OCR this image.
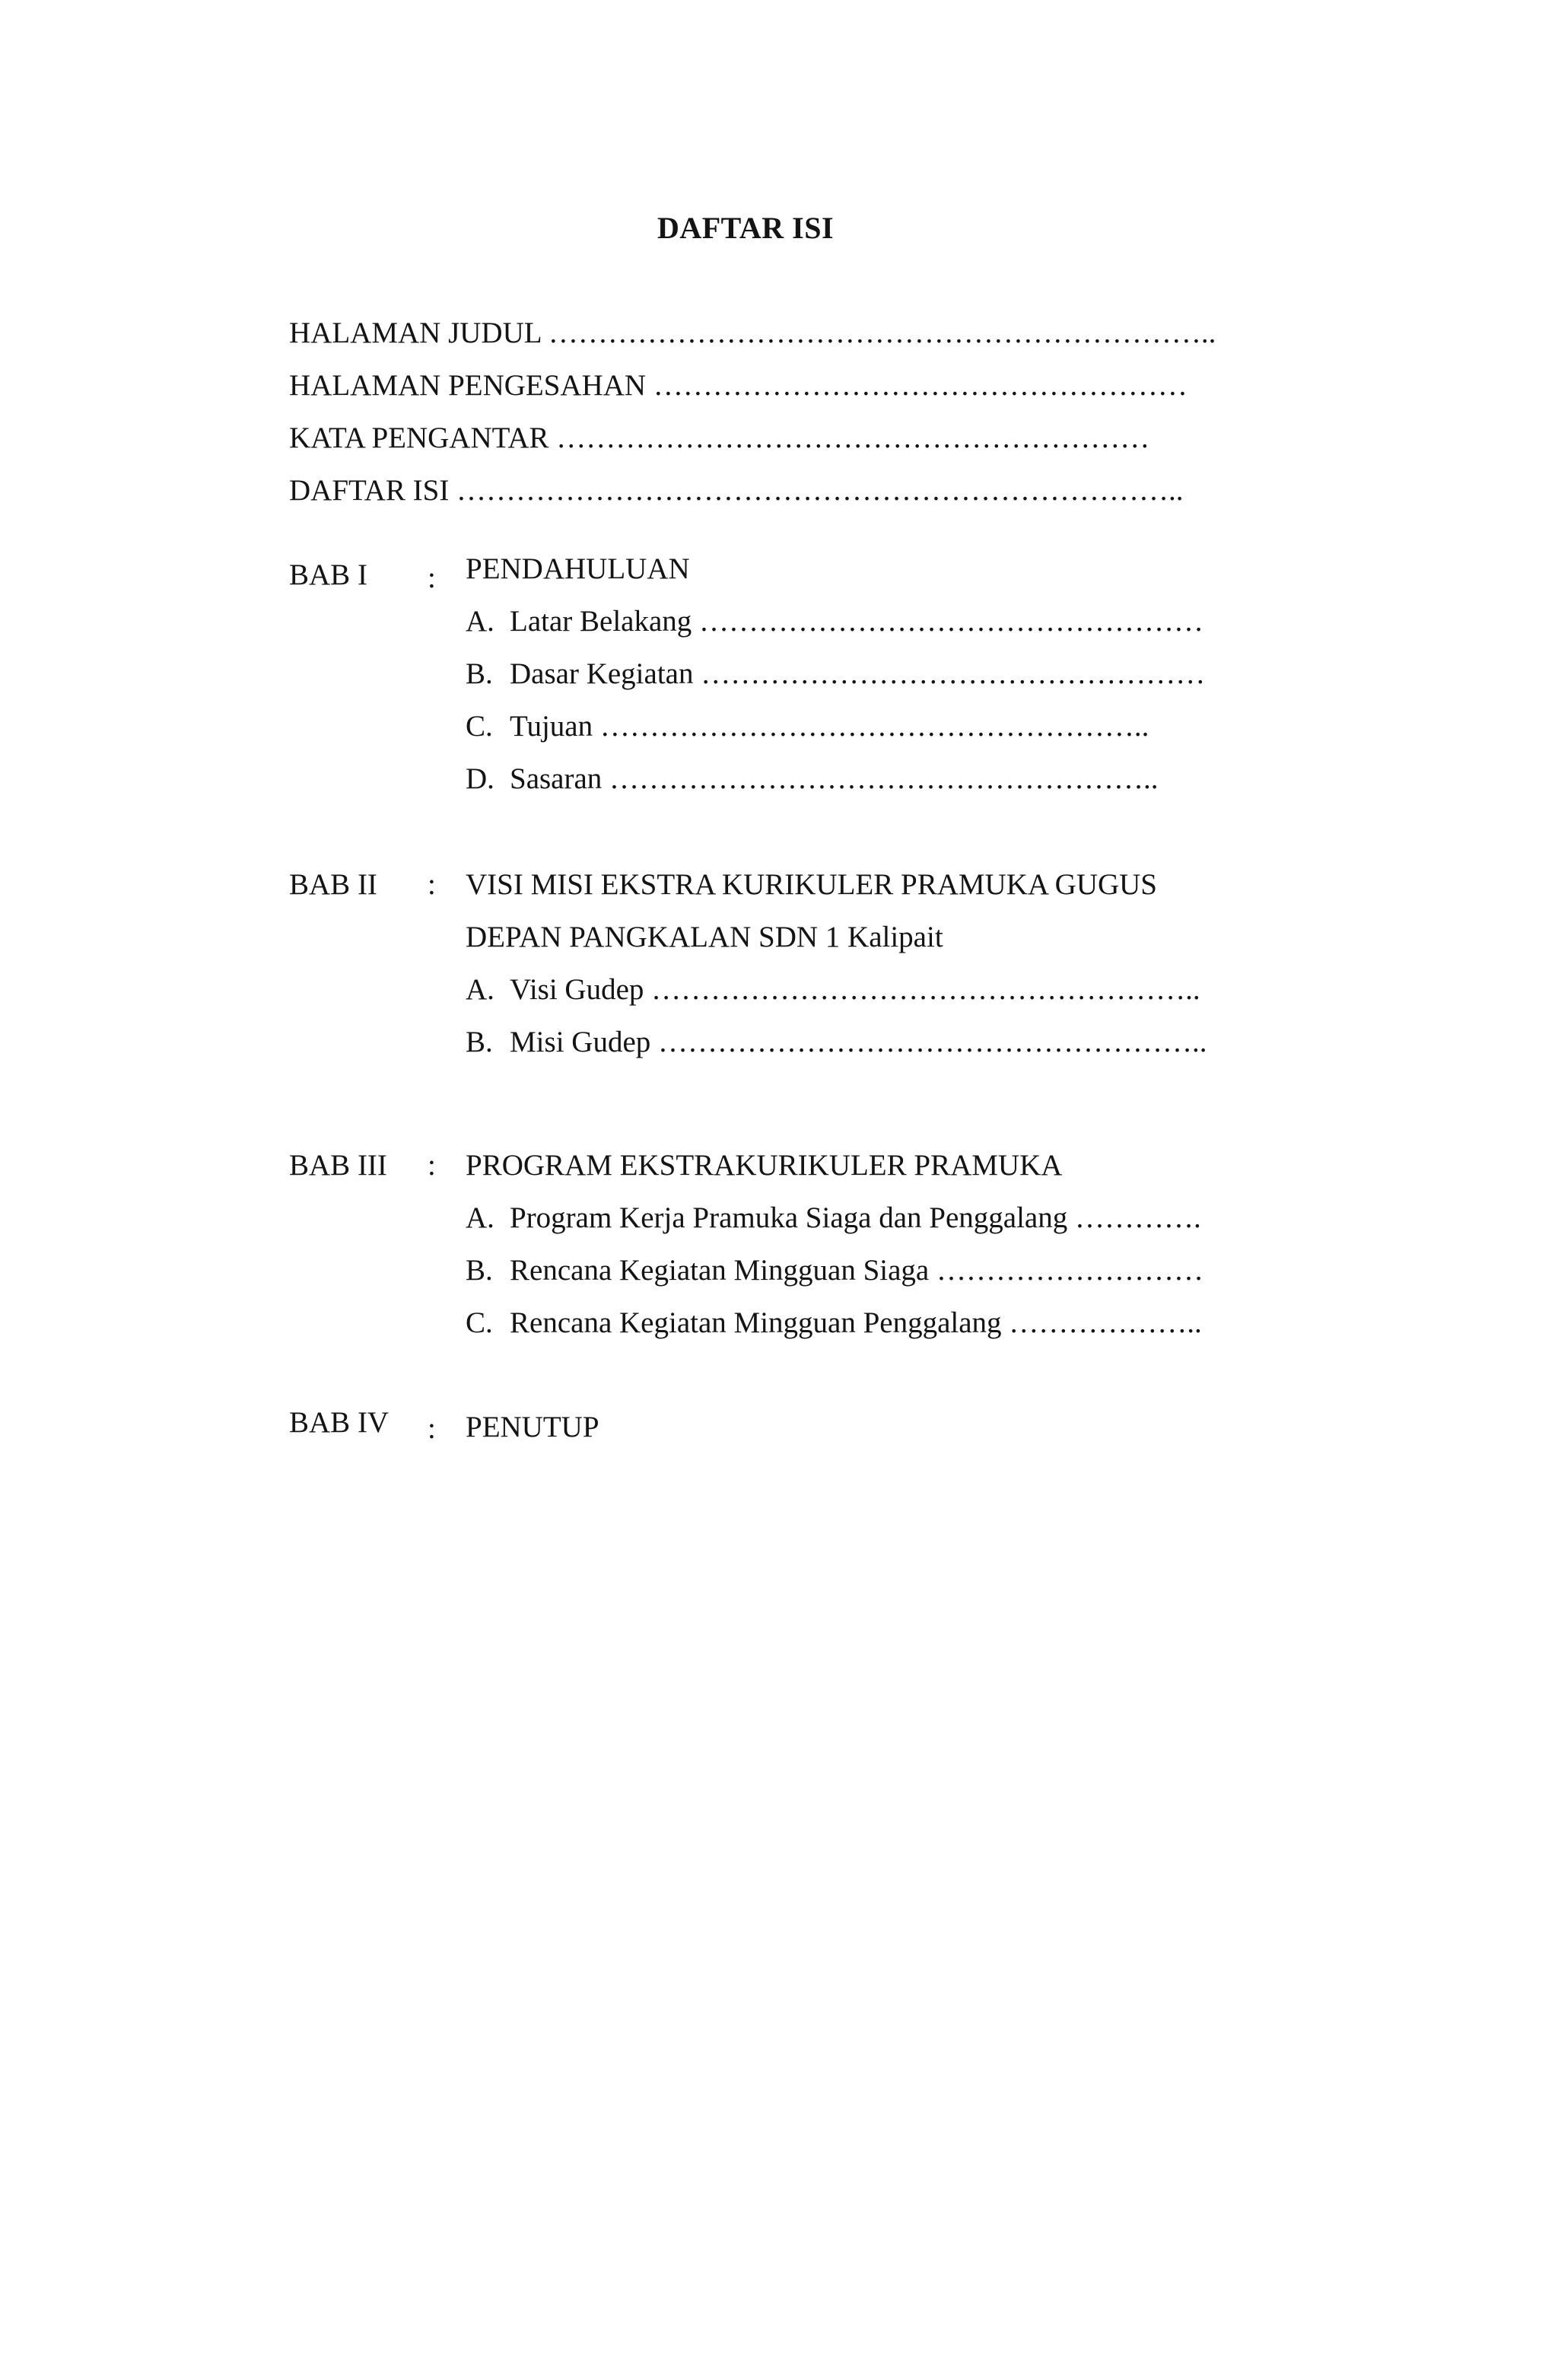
DAFTAR ISI
HALAMAN JUDUL …………………………………………………………..
HALAMAN PENGESAHAN ………………………………………………
KATA PENGANTAR ……………………………………………………
DAFTAR ISI ………………………………………………………………..
BAB I : PENDAHULUAN
A. Latar Belakang ……………………………………………
B. Dasar Kegiatan ……………………………………………
C. Tujuan ………………………………………………..
D. Sasaran ………………………………………………..
BAB II : VISI MISI EKSTRA KURIKULER PRAMUKA GUGUS
DEPAN PANGKALAN SDN 1 Kalipait
A. Visi Gudep ………………………………………………..
B. Misi Gudep ………………………………………………..
BAB III : PROGRAM EKSTRAKURIKULER PRAMUKA
A. Program Kerja Pramuka Siaga dan Penggalang ………….
B. Rencana Kegiatan Mingguan Siaga ………………………
C. Rencana Kegiatan Mingguan Penggalang ………………..
BAB IV : PENUTUP
